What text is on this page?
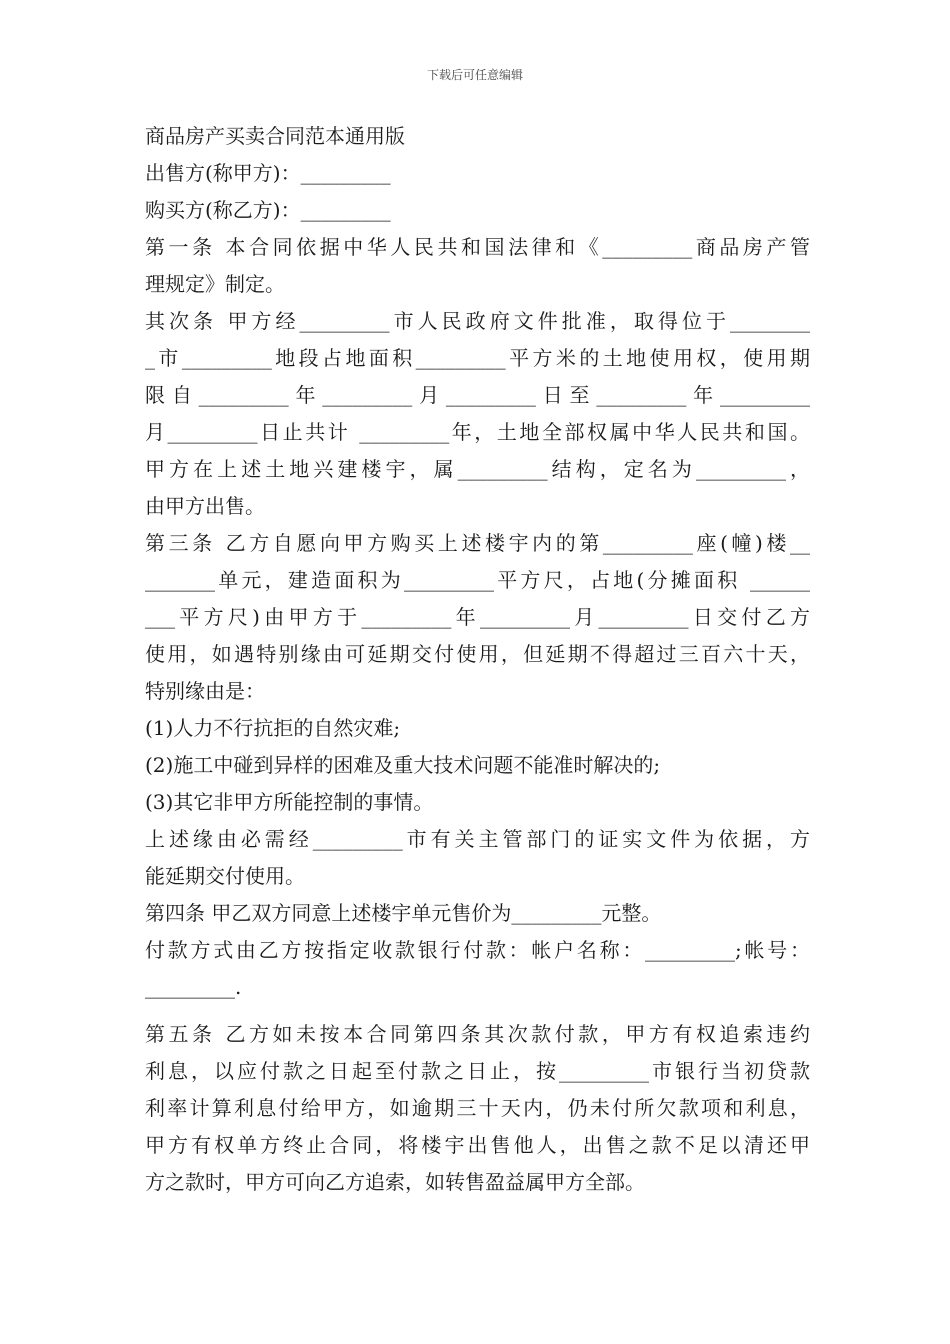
下载后可任意编辑
商品房产买卖合同范本通用版
出售方(称甲方)：_________
购买方(称乙方)：_________
第一条 本合同依据中华人民共和国法律和《_________商品房产管
理规定》制定。
其次条 甲方经_________市人民政府文件批准，取得位于________
_市_________地段占地面积_________平方米的土地使用权，使用期
限自_________年_________月_________日至_________年_________
月_________日止共计 _________年，土地全部权属中华人民共和国。
甲方在上述土地兴建楼宇，属_________结构，定名为_________，
由甲方出售。
第三条 乙方自愿向甲方购买上述楼宇内的第_________座(幢)楼__
_______单元，建造面积为_________平方尺，占地(分摊面积 ______
___平方尺)由甲方于_________年_________月_________日交付乙方
使用，如遇特别缘由可延期交付使用，但延期不得超过三百六十天，
特别缘由是：
(1)人力不行抗拒的自然灾难;
(2)施工中碰到异样的困难及重大技术问题不能准时解决的;
(3)其它非甲方所能控制的事情。
上述缘由必需经_________市有关主管部门的证实文件为依据，方
能延期交付使用。
第四条 甲乙双方同意上述楼宇单元售价为_________元整。
付款方式由乙方按指定收款银行付款：帐户名称：_________;帐号：
_________.
第五条 乙方如未按本合同第四条其次款付款，甲方有权追索违约
利息，以应付款之日起至付款之日止，按_________市银行当初贷款
利率计算利息付给甲方，如逾期三十天内，仍未付所欠款项和利息，
甲方有权单方终止合同，将楼宇出售他人，出售之款不足以清还甲
方之款时，甲方可向乙方追索，如转售盈益属甲方全部。
